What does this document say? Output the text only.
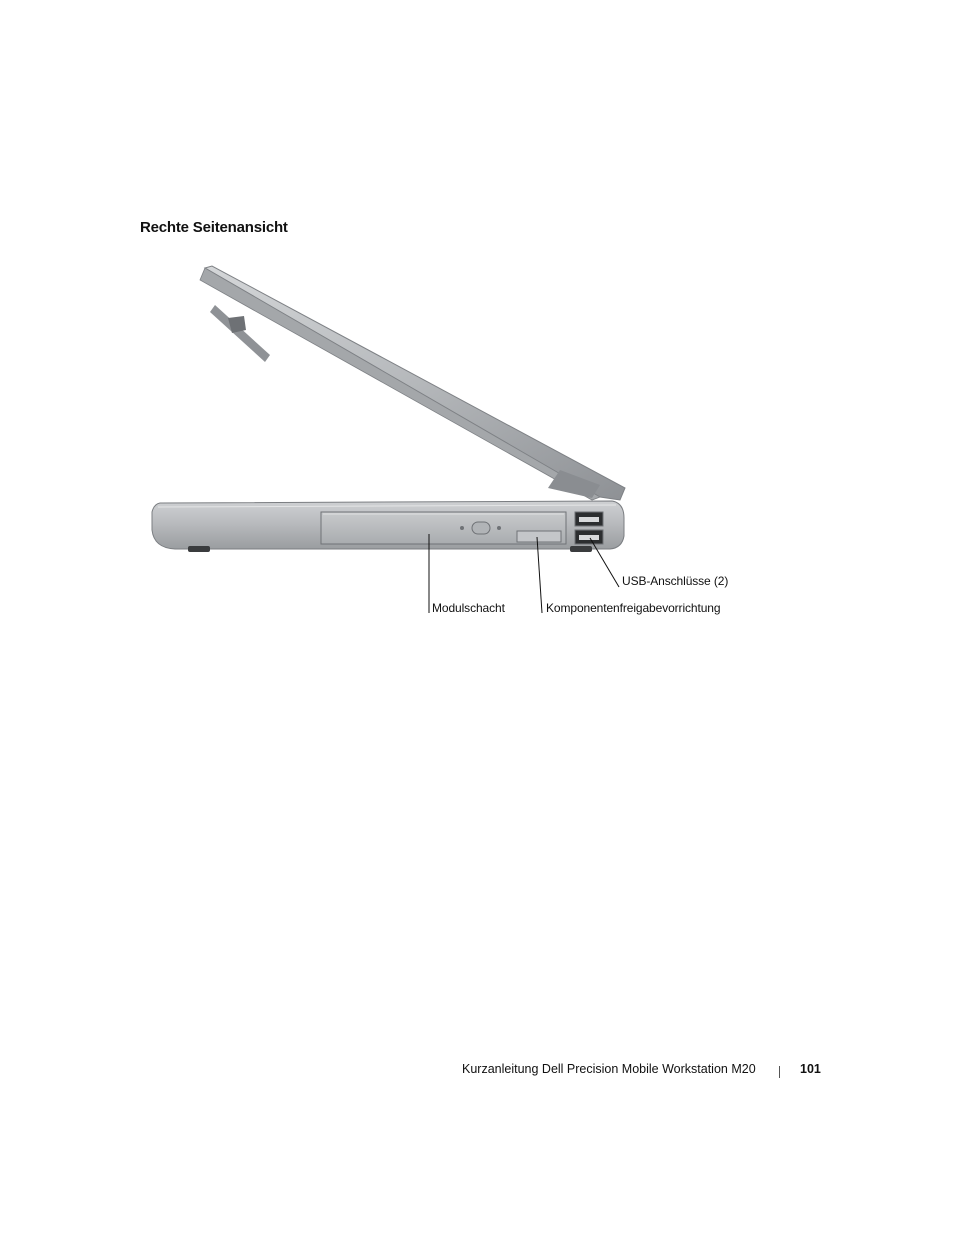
Rechte Seitenansicht
USB-Anschlüsse (2)
Modulschacht	Komponentenfreigabevorrichtung
Kurzanleitung Dell Precision Mobile Workstation M20	101
